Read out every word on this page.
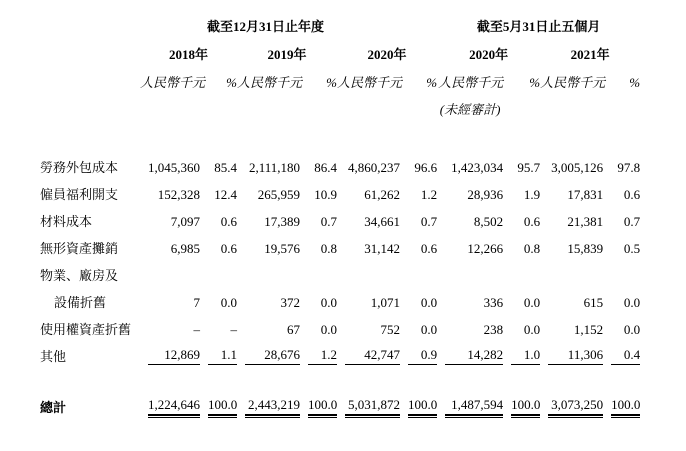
	截至12月31日止年度						截至5月31日止五個月			
	2018年		2019年		2020年		2020年		2021年	
	人民幣千元	%	人民幣千元	%	人民幣千元	%	人民幣千元	%	人民幣千元	%
							(未經審計)			

勞務外包成本	1,045,360	85.4	2,111,180	86.4	4,860,237	96.6	1,423,034	95.7	3,005,126	97.8

僱員福利開支	152,328	12.4	265,959	10.9	61,262	1.2	28,936	1.9	17,831	0.6

材料成本	7,097	0.6	17,389	0.7	34,661	0.7	8,502	0.6	21,381	0.7

無形資產攤銷	6,985	0.6	19,576	0.8	31,142	0.6	12,266	0.8	15,839	0.5

物業、廠房及	

設備折舊	7	0.0	372	0.0	1,071	0.0	336	0.0	615	0.0

使用權資產折舊	–	–	67	0.0	752	0.0	238	0.0	1,152	0.0

其他	12,869	1.1	28,676	1.2	42,747	0.9	14,282	1.0	11,306	0.4

總計	1,224,646	100.0	2,443,219	100.0	5,031,872	100.0	1,487,594	100.0	3,073,250	100.0
